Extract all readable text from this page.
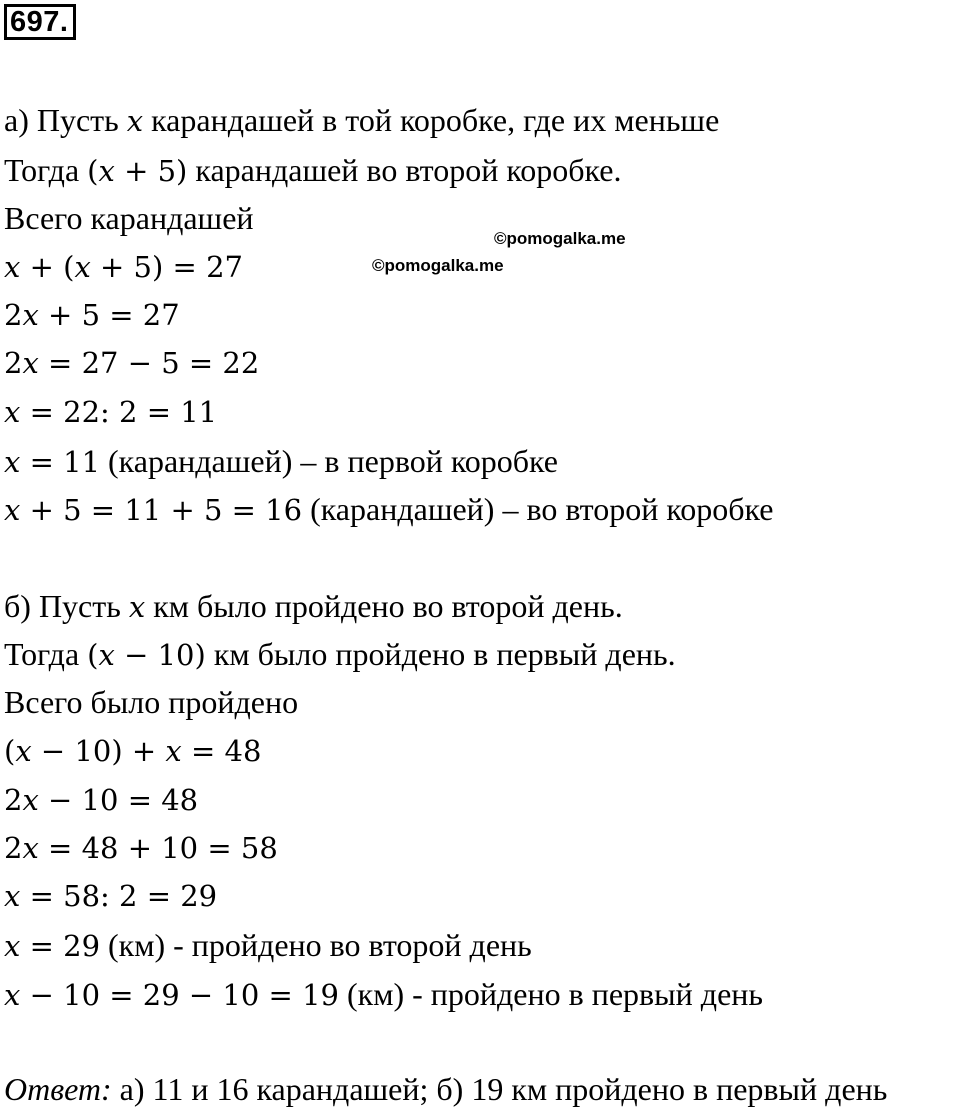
697.
©pomogalka.me
©pomogalka.me
а) Пусть x карандашей в той коробке, где их меньше
Тогда (x + 5) карандашей во второй коробке.
Всего карандашей
x + (x + 5) = 27
2x + 5 = 27
2x = 27 − 5 = 22
x = 22: 2 = 11
x = 11 (карандашей) – в первой коробке
x + 5 = 11 + 5 = 16 (карандашей) – во второй коробке
б) Пусть x км было пройдено во второй день.
Тогда (x − 10) км было пройдено в первый день.
Всего было пройдено
(x − 10) + x = 48
2x − 10 = 48
2x = 48 + 10 = 58
x = 58: 2 = 29
x = 29 (км) - пройдено во второй день
x − 10 = 29 − 10 = 19 (км) - пройдено в первый день
Ответ: а) 11 и 16 карандашей; б) 19 км пройдено в первый день
